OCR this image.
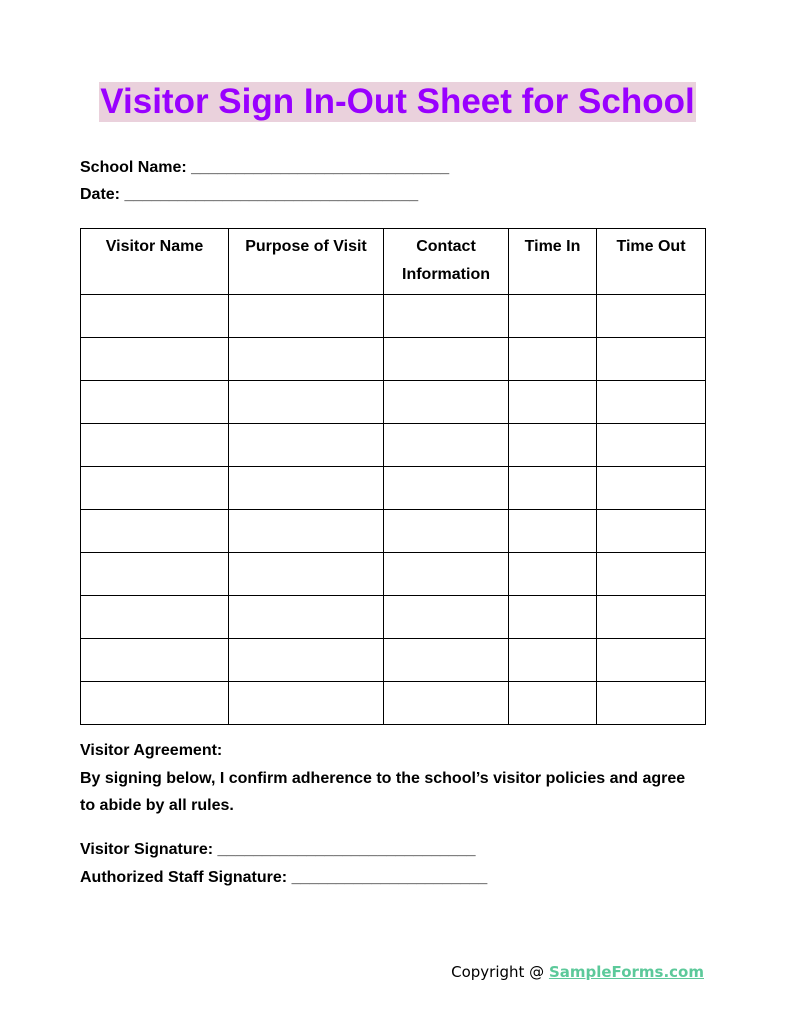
Visitor Sign In-Out Sheet for School
School Name: _____________________________
Date: _________________________________
Visitor Name	Purpose of Visit	Contact Information	Time In	Time Out

Visitor Agreement:

By signing below, I confirm adherence to the school’s visitor policies and agree to abide by all rules.

Visitor Signature: _____________________________
Authorized Staff Signature: ______________________
Copyright @ SampleForms.com
